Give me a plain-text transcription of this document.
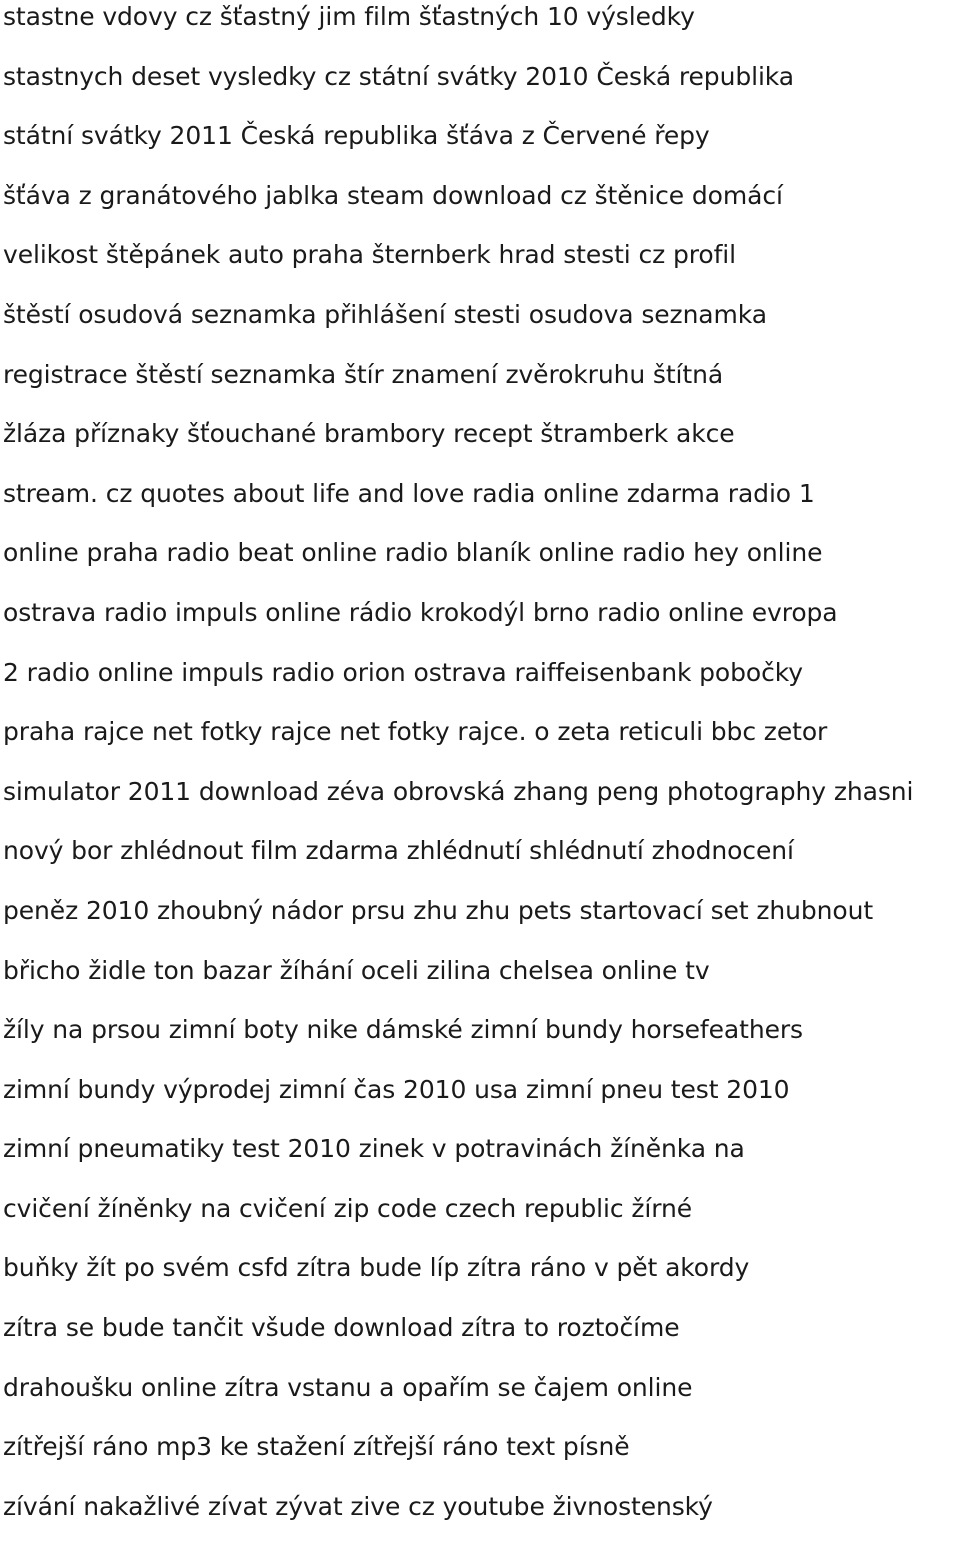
stastne vdovy cz šťastný jim film šťastných 10 výsledky
stastnych deset vysledky cz státní svátky 2010 Česká republika
státní svátky 2011 Česká republika šťáva z Červené řepy
šťáva z granátového jablka steam download cz štěnice domácí
velikost štěpánek auto praha šternberk hrad stesti cz profil
štěstí osudová seznamka přihlášení stesti osudova seznamka
registrace štěstí seznamka štír znamení zvěrokruhu štítná
žláza příznaky šťouchané brambory recept štramberk akce
stream. cz quotes about life and love radia online zdarma radio 1
online praha radio beat online radio blaník online radio hey online
ostrava radio impuls online rádio krokodýl brno radio online evropa
2 radio online impuls radio orion ostrava raiffeisenbank pobočky
praha rajce net fotky rajce net fotky rajce. o zeta reticuli bbc zetor
simulator 2011 download zéva obrovská zhang peng photography zhasni
nový bor zhlédnout film zdarma zhlédnutí shlédnutí zhodnocení
peněz 2010 zhoubný nádor prsu zhu zhu pets startovací set zhubnout
břicho židle ton bazar žíhání oceli zilina chelsea online tv
žíly na prsou zimní boty nike dámské zimní bundy horsefeathers
zimní bundy výprodej zimní čas 2010 usa zimní pneu test 2010
zimní pneumatiky test 2010 zinek v potravinách žíněnka na
cvičení žíněnky na cvičení zip code czech republic žírné
buňky žít po svém csfd zítra bude líp zítra ráno v pět akordy
zítra se bude tančit všude download zítra to roztočíme
drahoušku online zítra vstanu a opařím se čajem online
zítřejší ráno mp3 ke stažení zítřejší ráno text písně
zívání nakažlivé zívat zývat zive cz youtube živnostenský
